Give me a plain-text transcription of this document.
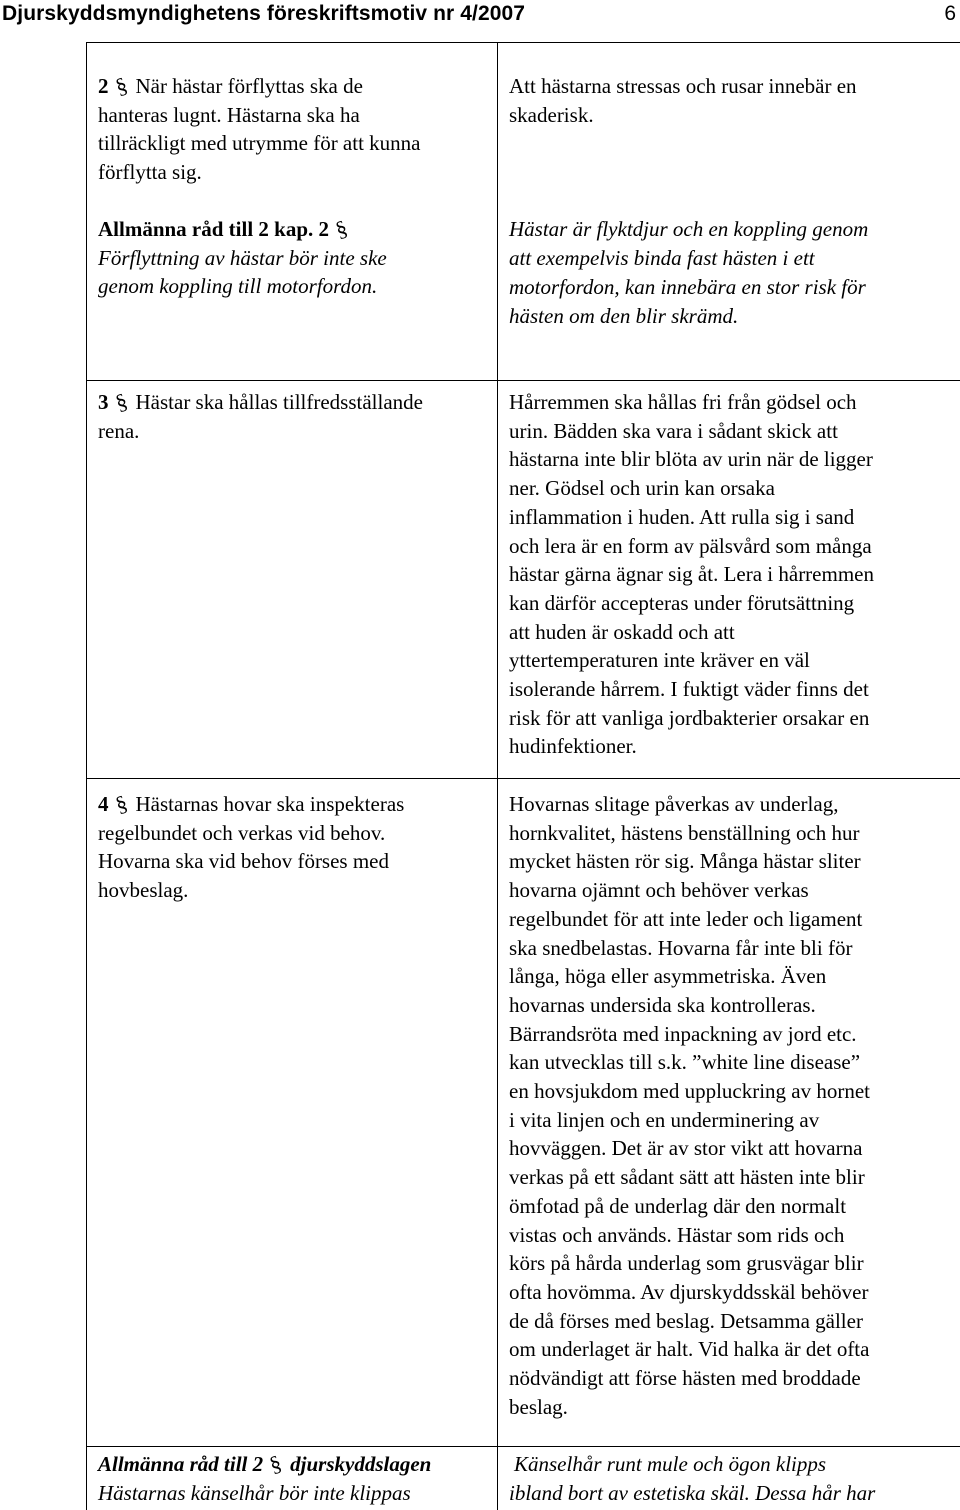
Djurskyddsmyndighetens föreskriftsmotiv nr 4/2007	6

2 § När hästar förflyttas ska de
hanteras lugnt. Hästarna ska ha
tillräckligt med utrymme för att kunna
förflytta sig.

Allmänna råd till 2 kap. 2 §
Förflyttning av hästar bör inte ske
genom koppling till motorfordon.

Att hästarna stressas och rusar innebär en
skaderisk.

Hästar är flyktdjur och en koppling genom
att exempelvis binda fast hästen i ett
motorfordon, kan innebära en stor risk för
hästen om den blir skrämd.

3 § Hästar ska hållas tillfredsställande
rena.

Hårremmen ska hållas fri från gödsel och
urin. Bädden ska vara i sådant skick att
hästarna inte blir blöta av urin när de ligger
ner. Gödsel och urin kan orsaka
inflammation i huden. Att rulla sig i sand
och lera är en form av pälsvård som många
hästar gärna ägnar sig åt. Lera i hårremmen
kan därför accepteras under förutsättning
att huden är oskadd och att
yttertemperaturen inte kräver en väl
isolerande hårrem. I fuktigt väder finns det
risk för att vanliga jordbakterier orsakar en
hudinfektioner.

4 § Hästarnas hovar ska inspekteras
regelbundet och verkas vid behov.
Hovarna ska vid behov förses med
hovbeslag.

Hovarnas slitage påverkas av underlag,
hornkvalitet, hästens benställning och hur
mycket hästen rör sig. Många hästar sliter
hovarna ojämnt och behöver verkas
regelbundet för att inte leder och ligament
ska snedbelastas. Hovarna får inte bli för
långa, höga eller asymmetriska. Även
hovarnas undersida ska kontrolleras.
Bärrandsröta med inpackning av jord etc.
kan utvecklas till s.k. ”white line disease”
en hovsjukdom med uppluckring av hornet
i vita linjen och en underminering av
hovväggen. Det är av stor vikt att hovarna
verkas på ett sådant sätt att hästen inte blir
ömfotad på de underlag där den normalt
vistas och används. Hästar som rids och
körs på hårda underlag som grusvägar blir
ofta hovömma. Av djurskyddsskäl behöver
de då förses med beslag. Detsamma gäller
om underlaget är halt. Vid halka är det ofta
nödvändigt att förse hästen med broddade
beslag.

Allmänna råd till 2 § djurskyddslagen
Hästarnas känselhår bör inte klippas

Känselhår runt mule och ögon klipps
ibland bort av estetiska skäl. Dessa hår har
